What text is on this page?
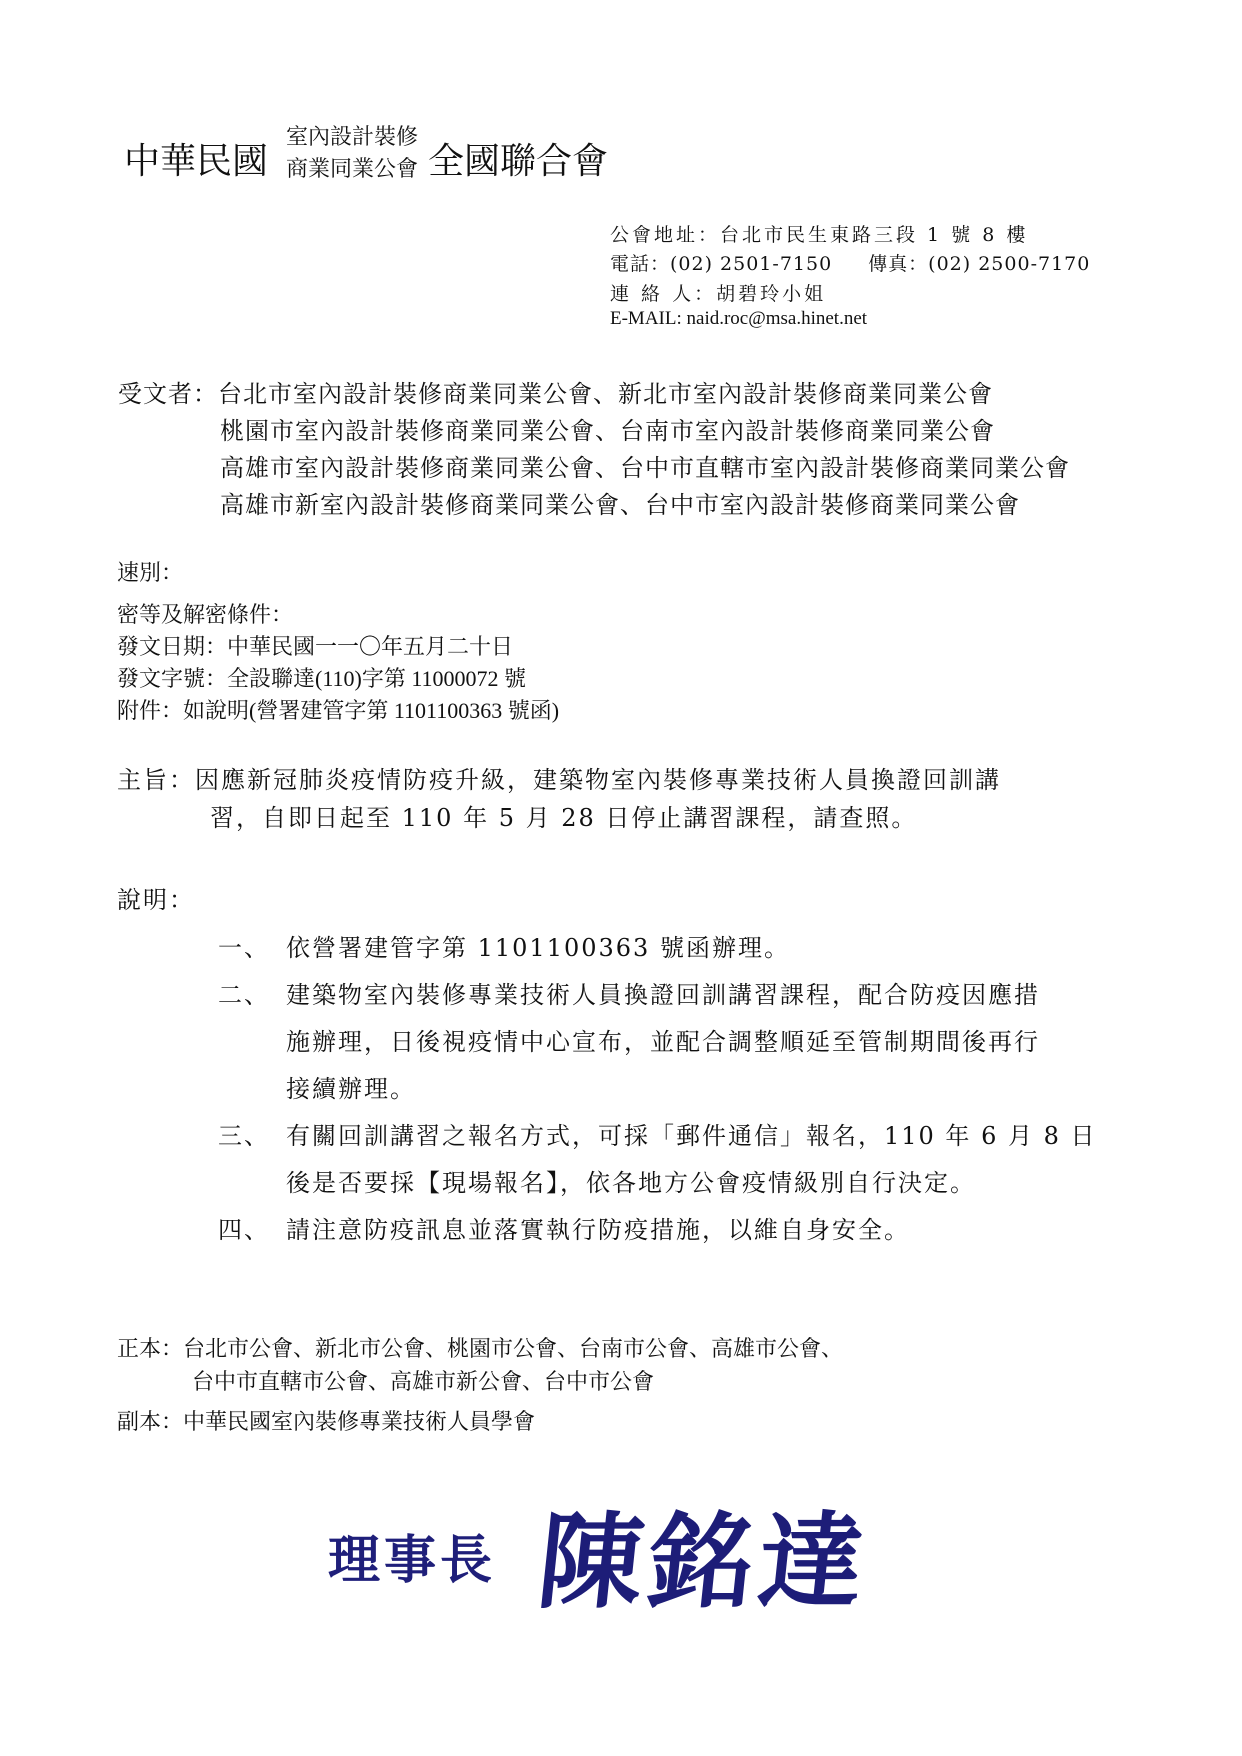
中華民國
室內設計裝修
商業同業公會 全國聯合會
公會地址：台北市民生東路三段 1 號 8 樓
電話：(02) 2501-7150 傳真：(02) 2500-7170
連 絡 人：胡碧玲小姐
E-MAIL: naid.roc@msa.hinet.net
受文者：台北市室內設計裝修商業同業公會、新北市室內設計裝修商業同業公會
桃園市室內設計裝修商業同業公會、台南市室內設計裝修商業同業公會
高雄市室內設計裝修商業同業公會、台中市直轄市室內設計裝修商業同業公會
高雄市新室內設計裝修商業同業公會、台中市室內設計裝修商業同業公會
速別：
密等及解密條件：
發文日期：中華民國一一〇年五月二十日
發文字號：全設聯達(110)字第 11000072 號
附件：如說明(營署建管字第 1101100363 號函)
主旨：因應新冠肺炎疫情防疫升級，建築物室內裝修專業技術人員換證回訓講
習，自即日起至 110 年 5 月 28 日停止講習課程，請查照。
說明：
一、 依營署建管字第 1101100363 號函辦理。
二、 建築物室內裝修專業技術人員換證回訓講習課程，配合防疫因應措
施辦理，日後視疫情中心宣布，並配合調整順延至管制期間後再行
接續辦理。
三、 有關回訓講習之報名方式，可採「郵件通信」報名，110 年 6 月 8 日
後是否要採【現場報名】，依各地方公會疫情級別自行決定。
四、 請注意防疫訊息並落實執行防疫措施，以維自身安全。
正本：台北市公會、新北市公會、桃園市公會、台南市公會、高雄市公會、
台中市直轄市公會、高雄市新公會、台中市公會
副本：中華民國室內裝修專業技術人員學會
理事長 陳銘達
